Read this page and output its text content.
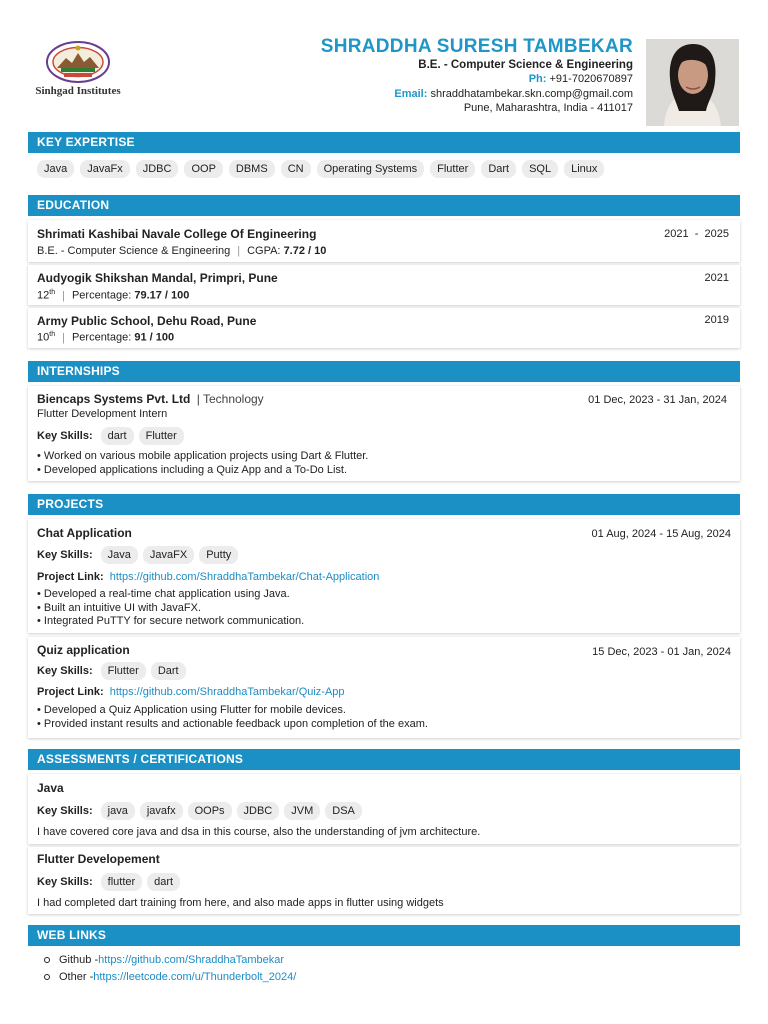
Sinhgad Institutes
SHRADDHA SURESH TAMBEKAR
B.E. - Computer Science & Engineering
Ph: +91-7020670897
Email: shraddhatambekar.skn.comp@gmail.com
Pune, Maharashtra, India - 411017
KEY EXPERTISE
Java	JavaFx	JDBC	OOP	DBMS	CN	Operating Systems	Flutter	Dart	SQL	Linux
EDUCATION
Shrimati Kashibai Navale College Of Engineering
B.E. - Computer Science & Engineering | CGPA: 7.72 / 10
2021 - 2025
Audyogik Shikshan Mandal, Primpri, Pune
12th | Percentage: 79.17 / 100
2021
Army Public School, Dehu Road, Pune
10th | Percentage: 91 / 100
2019
INTERNSHIPS
Biencaps Systems Pvt. Ltd | Technology
Flutter Development Intern
01 Dec, 2023 - 31 Jan, 2024
Key Skills:	dart	Flutter
• Worked on various mobile application projects using Dart & Flutter.
• Developed applications including a Quiz App and a To-Do List.
PROJECTS
Chat Application	01 Aug, 2024 - 15 Aug, 2024
Key Skills:	Java	JavaFX	Putty
Project Link: https://github.com/ShraddhaTambekar/Chat-Application
• Developed a real-time chat application using Java.
• Built an intuitive UI with JavaFX.
• Integrated PuTTY for secure network communication.
Quiz application	15 Dec, 2023 - 01 Jan, 2024
Key Skills:	Flutter	Dart
Project Link: https://github.com/ShraddhaTambekar/Quiz-App
• Developed a Quiz Application using Flutter for mobile devices.
• Provided instant results and actionable feedback upon completion of the exam.
ASSESSMENTS / CERTIFICATIONS
Java
Key Skills:	java	javafx	OOPs	JDBC	JVM	DSA
I have covered core java and dsa in this course, also the understanding of jvm architecture.
Flutter Developement
Key Skills:	flutter	dart
I had completed dart training from here, and also made apps in flutter using widgets
WEB LINKS
Github - https://github.com/ShraddhaTambekar
Other - https://leetcode.com/u/Thunderbolt_2024/
